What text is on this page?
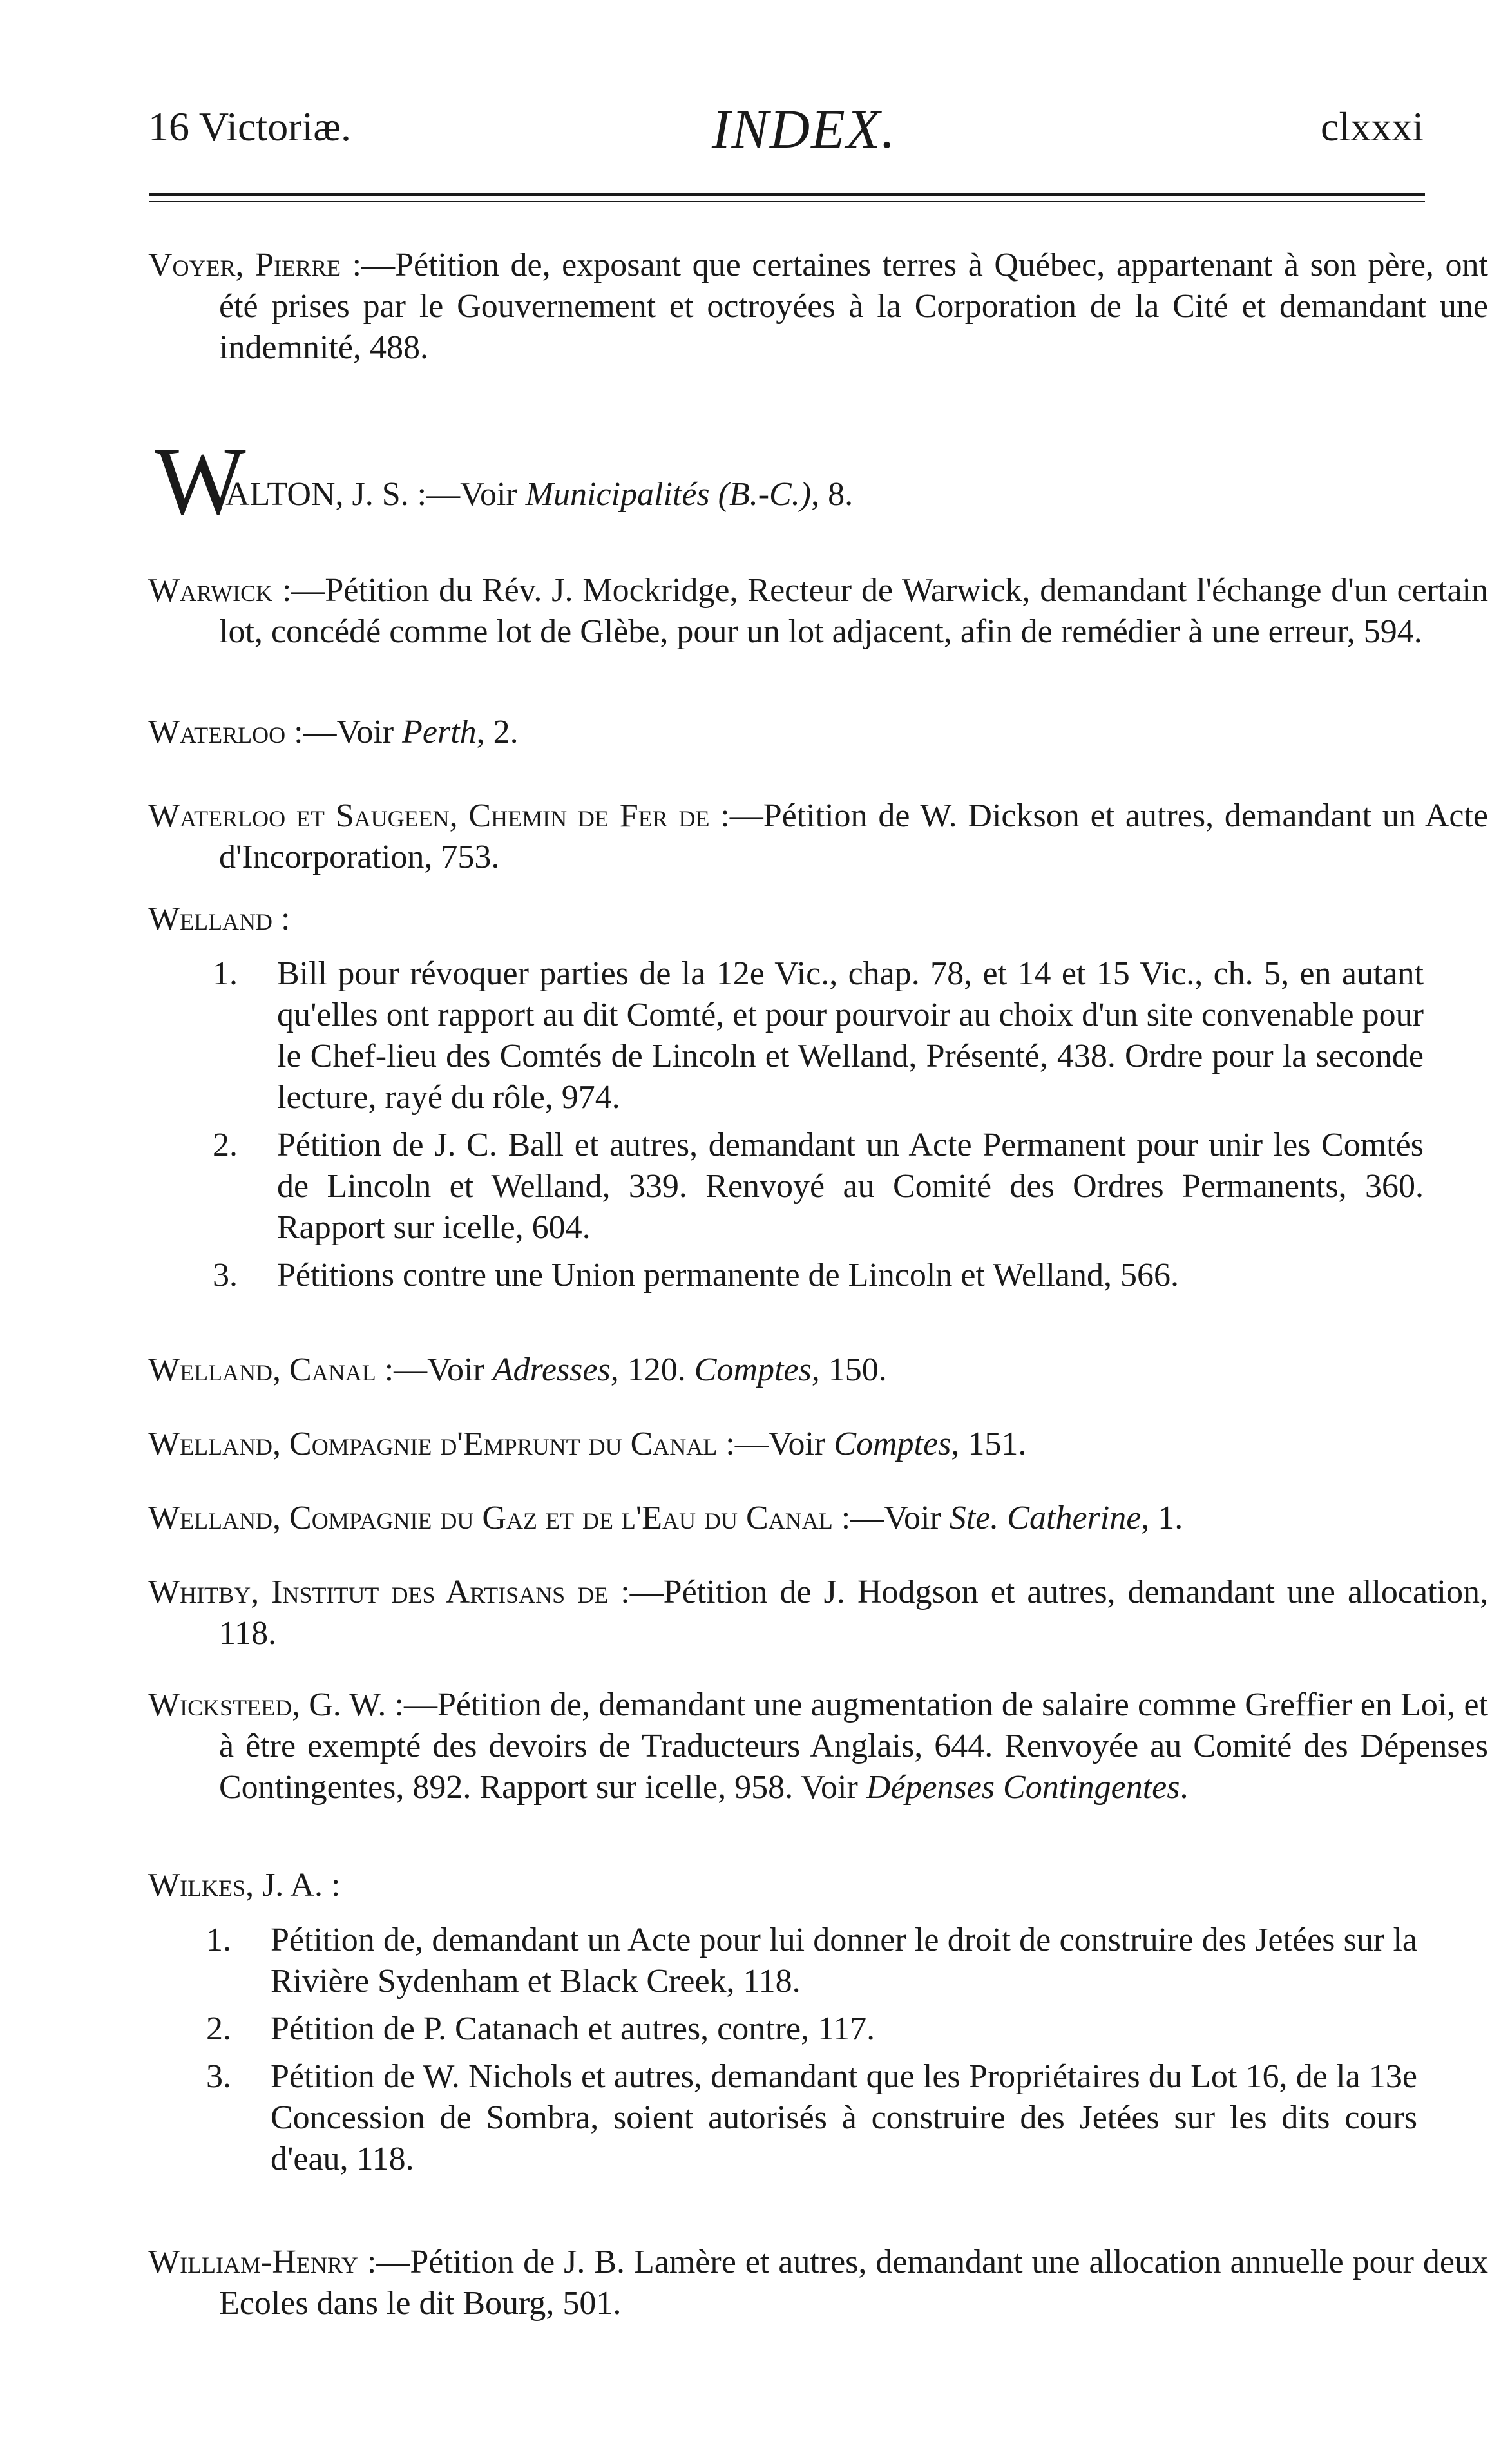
16 Victoriæ.	INDEX.	clxxxi
Voyer, Pierre :—Pétition de, exposant que certaines terres à Québec, appartenant à son père, ont été prises par le Gouvernement et octroyées à la Corporation de la Cité et demandant une indemnité, 488.
W
ALTON, J. S. :—Voir Municipalités (B.-C.), 8.
Warwick :—Pétition du Rév. J. Mockridge, Recteur de Warwick, demandant l'échange d'un certain lot, concédé comme lot de Glèbe, pour un lot adjacent, afin de remédier à une erreur, 594.
Waterloo :—Voir Perth, 2.
Waterloo et Saugeen, Chemin de Fer de :—Pétition de W. Dickson et autres, demandant un Acte d'Incorporation, 753.
Welland :
1. Bill pour révoquer parties de la 12e Vic., chap. 78, et 14 et 15 Vic., ch. 5, en autant qu'elles ont rapport au dit Comté, et pour pourvoir au choix d'un site convenable pour le Chef-lieu des Comtés de Lincoln et Welland, Présenté, 438. Ordre pour la seconde lecture, rayé du rôle, 974.
2. Pétition de J. C. Ball et autres, demandant un Acte Permanent pour unir les Comtés de Lincoln et Welland, 339. Renvoyé au Comité des Ordres Permanents, 360. Rapport sur icelle, 604.
3. Pétitions contre une Union permanente de Lincoln et Welland, 566.
Welland, Canal :—Voir Adresses, 120. Comptes, 150.
Welland, Compagnie d'Emprunt du Canal :—Voir Comptes, 151.
Welland, Compagnie du Gaz et de l'Eau du Canal :—Voir Ste. Catherine, 1.
Whitby, Institut des Artisans de :—Pétition de J. Hodgson et autres, demandant une allocation, 118.
Wicksteed, G. W. :—Pétition de, demandant une augmentation de salaire comme Greffier en Loi, et à être exempté des devoirs de Traducteurs Anglais, 644. Renvoyée au Comité des Dépenses Contingentes, 892. Rapport sur icelle, 958. Voir Dépenses Contingentes.
Wilkes, J. A. :
1. Pétition de, demandant un Acte pour lui donner le droit de construire des Jetées sur la Rivière Sydenham et Black Creek, 118.
2. Pétition de P. Catanach et autres, contre, 117.
3. Pétition de W. Nichols et autres, demandant que les Propriétaires du Lot 16, de la 13e Concession de Sombra, soient autorisés à construire des Jetées sur les dits cours d'eau, 118.
William-Henry :—Pétition de J. B. Lamère et autres, demandant une allocation annuelle pour deux Ecoles dans le dit Bourg, 501.
